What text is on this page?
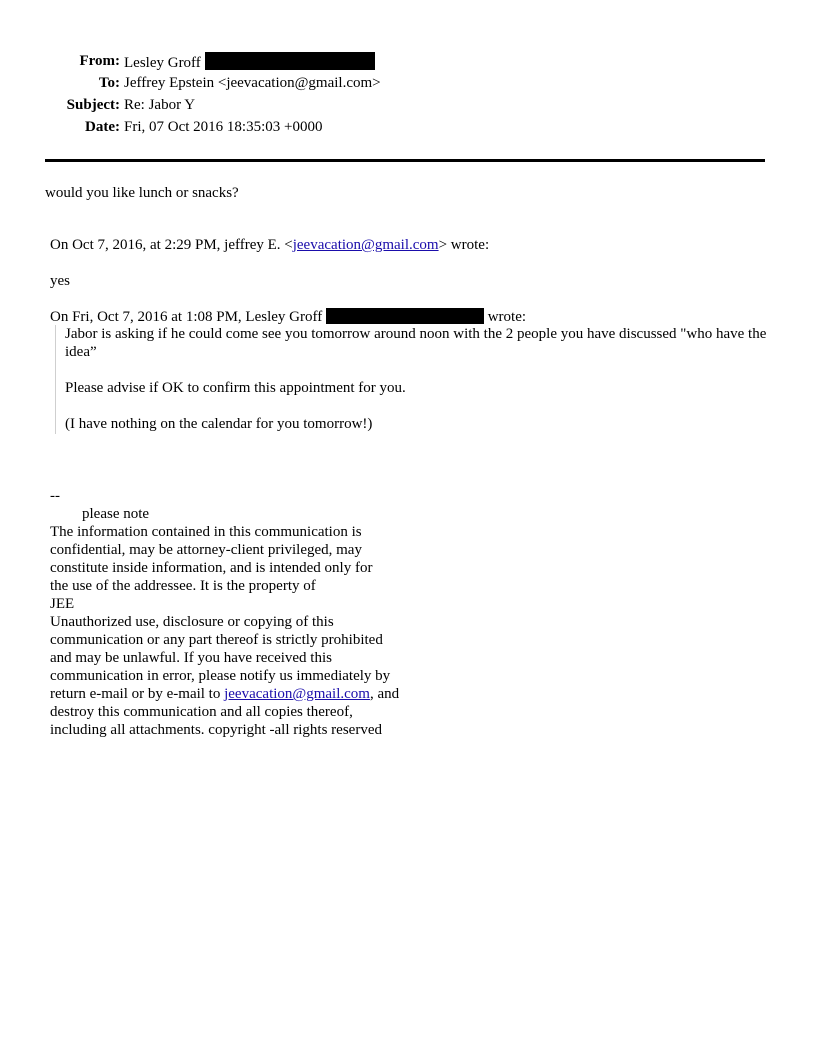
From: Lesley Groff
To: Jeffrey Epstein <jeevacation@gmail.com>
Subject: Re: Jabor Y
Date: Fri, 07 Oct 2016 18:35:03 +0000
would you like lunch or snacks?
On Oct 7, 2016, at 2:29 PM, jeffrey E. <jeevacation@gmail.com> wrote:
yes
On Fri, Oct 7, 2016 at 1:08 PM, Lesley Groff	wrote:

Jabor is asking if he could come see you tomorrow around noon with the 2 people you have discussed "who have the idea”

Please advise if OK to confirm this appointment for you.

(I have nothing on the calendar for you tomorrow!)

--
please note
The information contained in this communication is
confidential, may be attorney-client privileged, may
constitute inside information, and is intended only for
the use of the addressee. It is the property of
JEE
Unauthorized use, disclosure or copying of this
communication or any part thereof is strictly prohibited
and may be unlawful. If you have received this
communication in error, please notify us immediately by
return e-mail or by e-mail to jeevacation@gmail.com, and
destroy this communication and all copies thereof,
including all attachments. copyright -all rights reserved
